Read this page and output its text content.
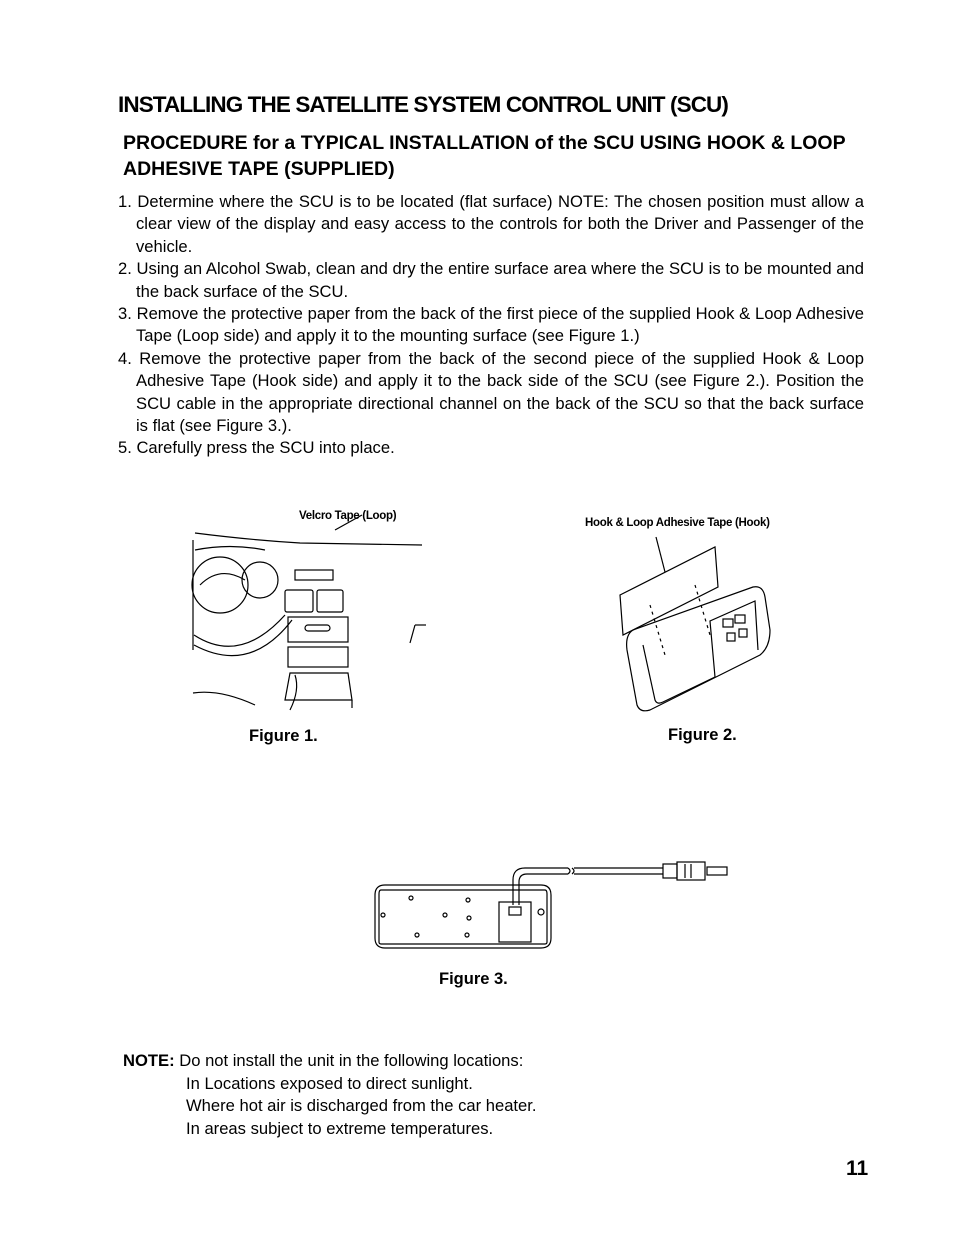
INSTALLING THE SATELLITE SYSTEM CONTROL UNIT (SCU)

PROCEDURE for a TYPICAL INSTALLATION of the SCU USING HOOK & LOOP ADHESIVE TAPE (SUPPLIED)

1. Determine where the SCU is to be located (flat surface) NOTE: The chosen position must allow a clear view of the display and easy access to the controls for both the Driver and Passenger of the vehicle.
2. Using an Alcohol Swab, clean and dry the entire surface area where the SCU is to be mounted and the back surface of the SCU.
3. Remove the protective paper from the back of the first piece of the supplied Hook & Loop Adhesive Tape (Loop side) and apply it to the mounting surface (see Figure 1.)
4. Remove the protective paper from the back of the second piece of the supplied Hook & Loop Adhesive Tape (Hook side) and apply it to the back side of the SCU (see Figure 2.). Position the SCU cable in the appropriate directional channel on the back of the SCU so that the back surface is flat (see Figure 3.).
5. Carefully press the SCU into place.
Velcro Tape (Loop)
Figure 1.
Hook & Loop Adhesive Tape (Hook)
Figure 2.
Figure 3.
NOTE: Do not install the unit in the following locations:
In Locations exposed to direct sunlight.
Where hot air is discharged from the car heater.
In areas subject to extreme temperatures.
11
